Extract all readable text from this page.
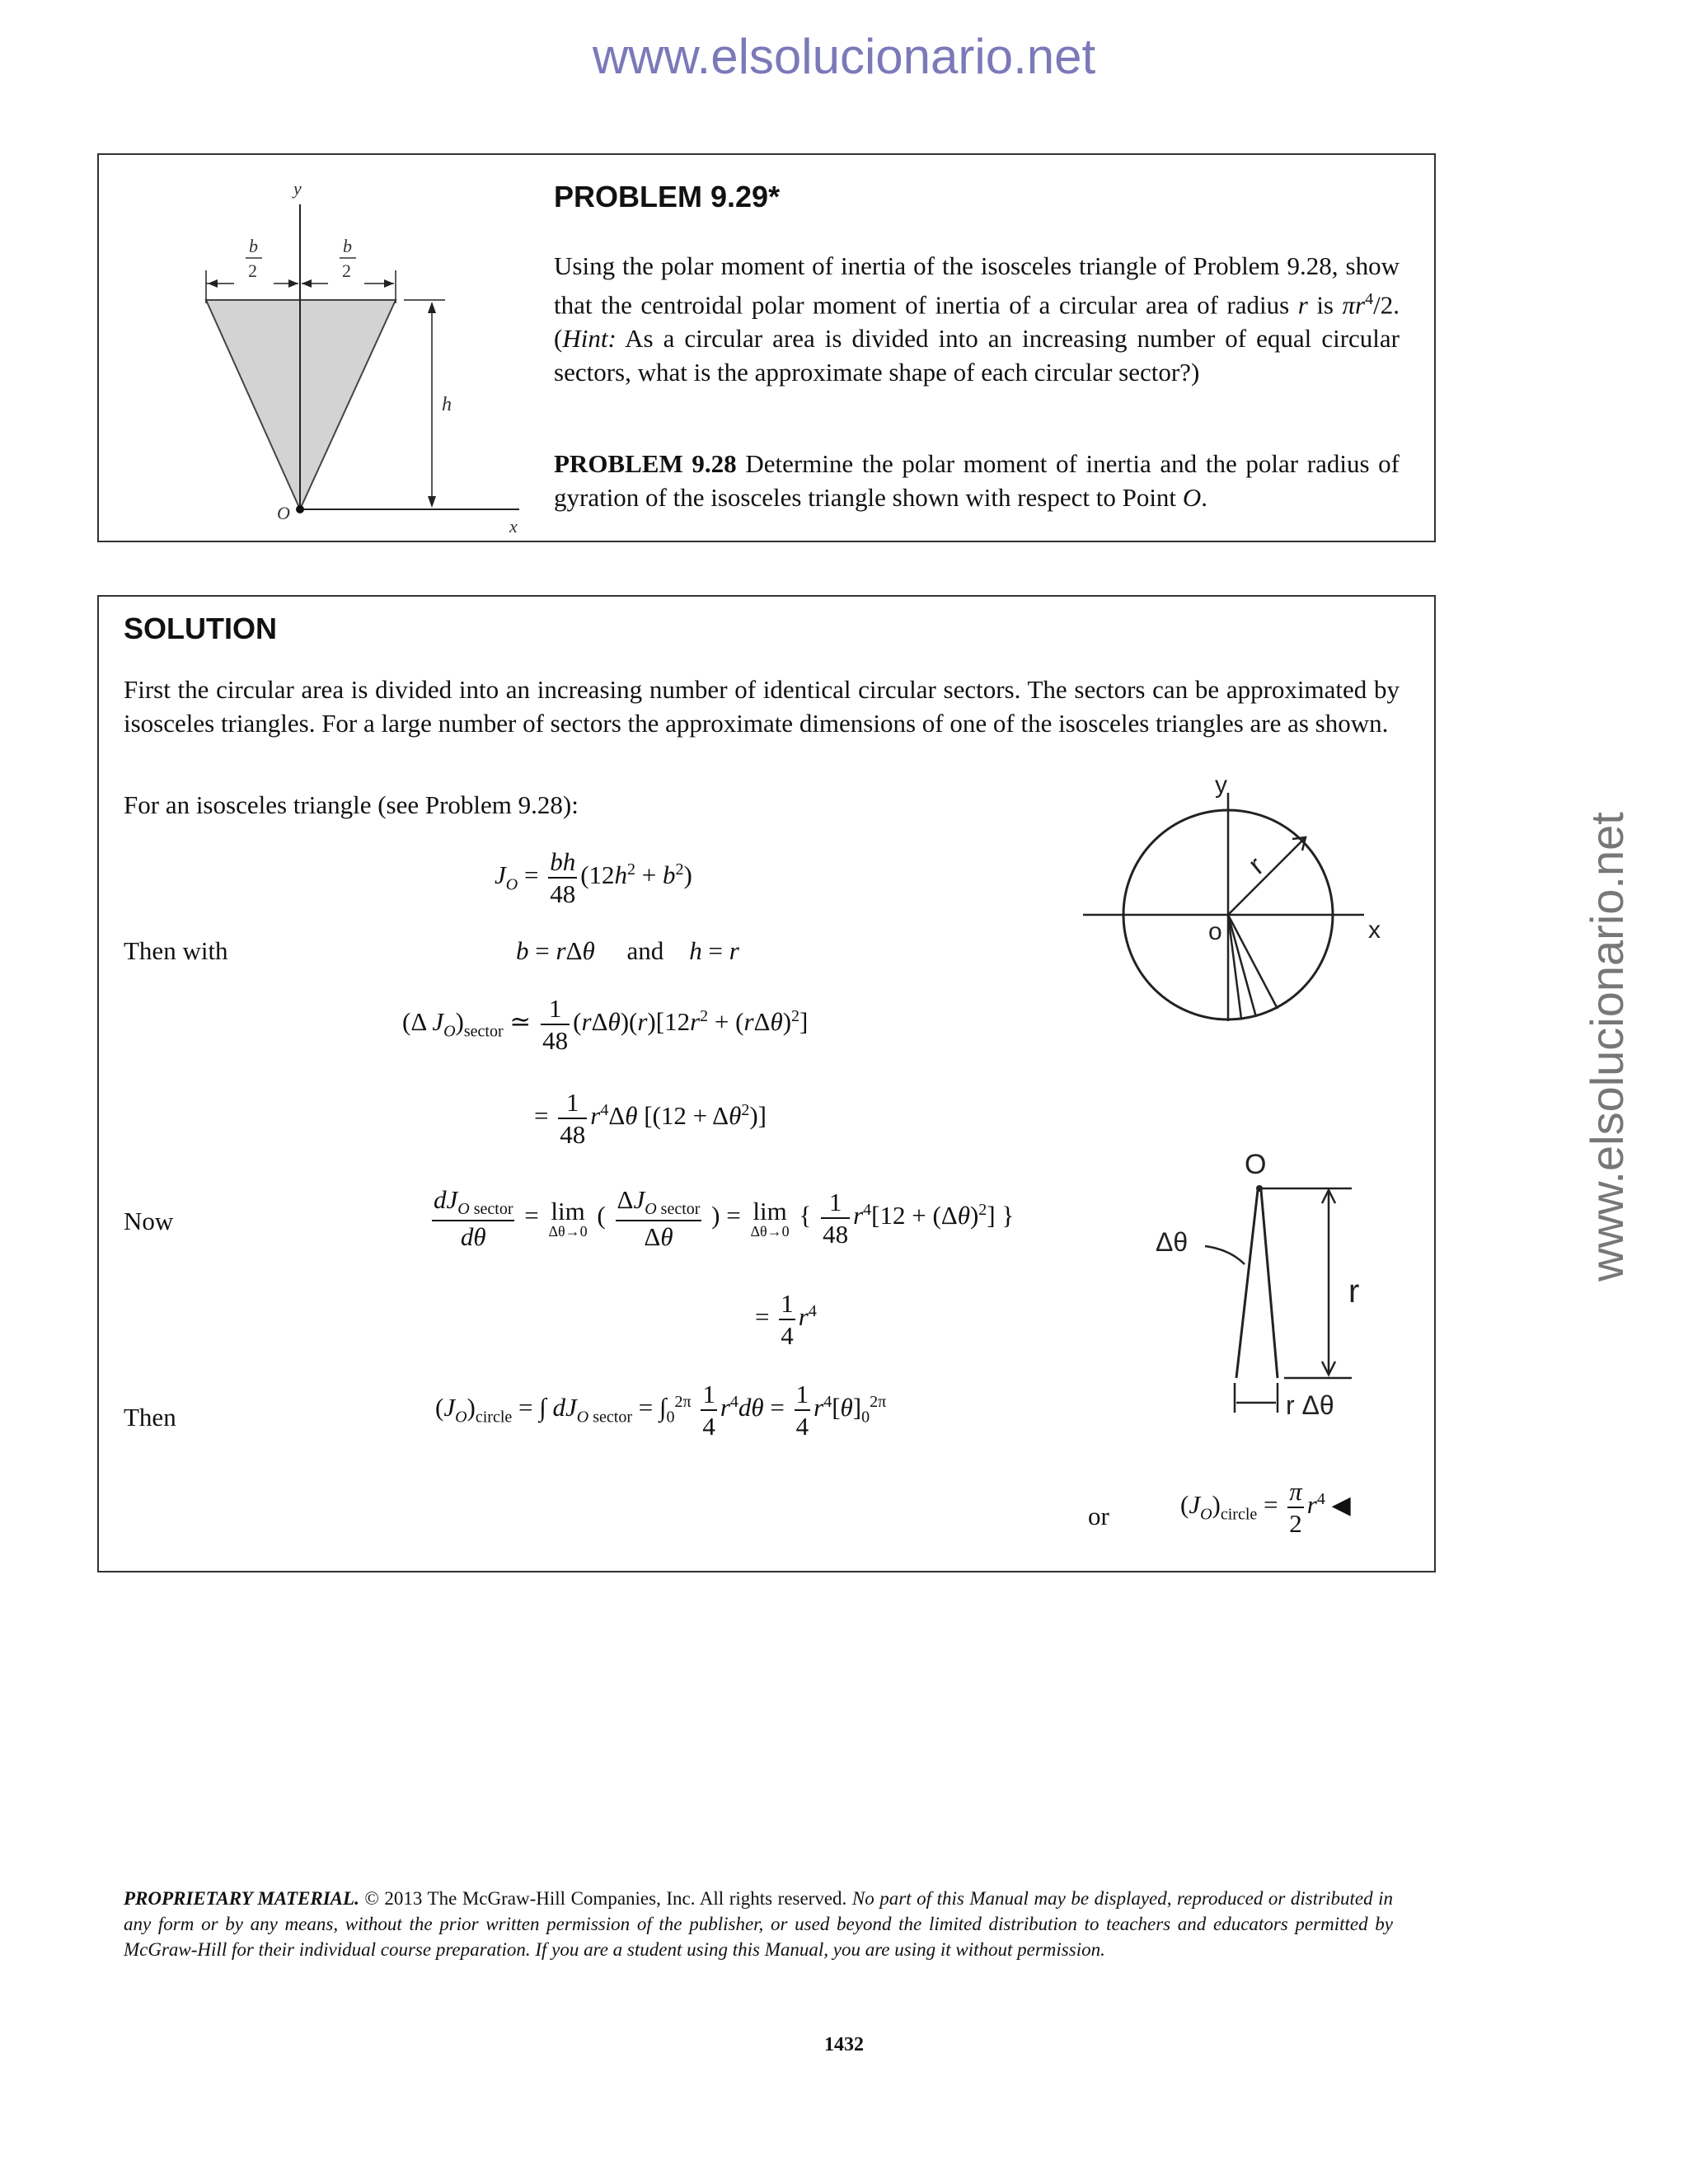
www.elsolucionario.net
www.elsolucionario.net
y
x
O
h
b
2
b
2
PROBLEM 9.29*
Using the polar moment of inertia of the isosceles triangle of Problem 9.28, show that the centroidal polar moment of inertia of a circular area of radius r is $\pi r^4/2$. (Hint: As a circular area is divided into an increasing number of equal circular sectors, what is the approximate shape of each circular sector?)
PROBLEM 9.28 Determine the polar moment of inertia and the polar radius of gyration of the isosceles triangle shown with respect to Point O.
SOLUTION
First the circular area is divided into an increasing number of identical circular sectors. The sectors can be approximated by isosceles triangles. For a large number of sectors the approximate dimensions of one of the isosceles triangles are as shown.
For an isosceles triangle (see Problem 9.28):
$J_O = \frac{bh}{48} (12h^2 + b^2)$
Then with	b = rΔθ and h = r
(Δ $J_O)_{sector}$ ≃ $\frac{1}{48} (r\Delta\theta)(r)[12r^2 + (r\Delta\theta)^2]$
= $\frac{1}{48} r^4\Delta\theta$ $[(12 + \Delta\theta^2)]$
Now	$\frac{dJ_{O sector}}{d\theta} = \lim$
Δθ→0
( $\frac{\Delta J_{O sector}}{\Delta\theta}$ ) = lim
Δθ→0
{ $\frac{1}{48} r^4[12 + (\Delta\theta)^2]$ }
= $\frac{1}{4} r^4$
Then	$(J_O)_{circle}$ = ∫ $dJ_{O sector} = \int_0^{2\pi} \frac{1}{4} r^4d\theta = \frac{1}{4} r^4[\theta]_0^{2\pi}$
or	$(J_O)_{circle} = \frac{\pi}{2} r^4$ ◀
y
x
o
r
O
Δθ
r
r Δθ
PROPRIETARY MATERIAL. © 2013 The McGraw-Hill Companies, Inc. All rights reserved. No part of this Manual may be displayed, reproduced or distributed in any form or by any means, without the prior written permission of the publisher, or used beyond the limited distribution to teachers and educators permitted by McGraw-Hill for their individual course preparation. If you are a student using this Manual, you are using it without permission.
1432
